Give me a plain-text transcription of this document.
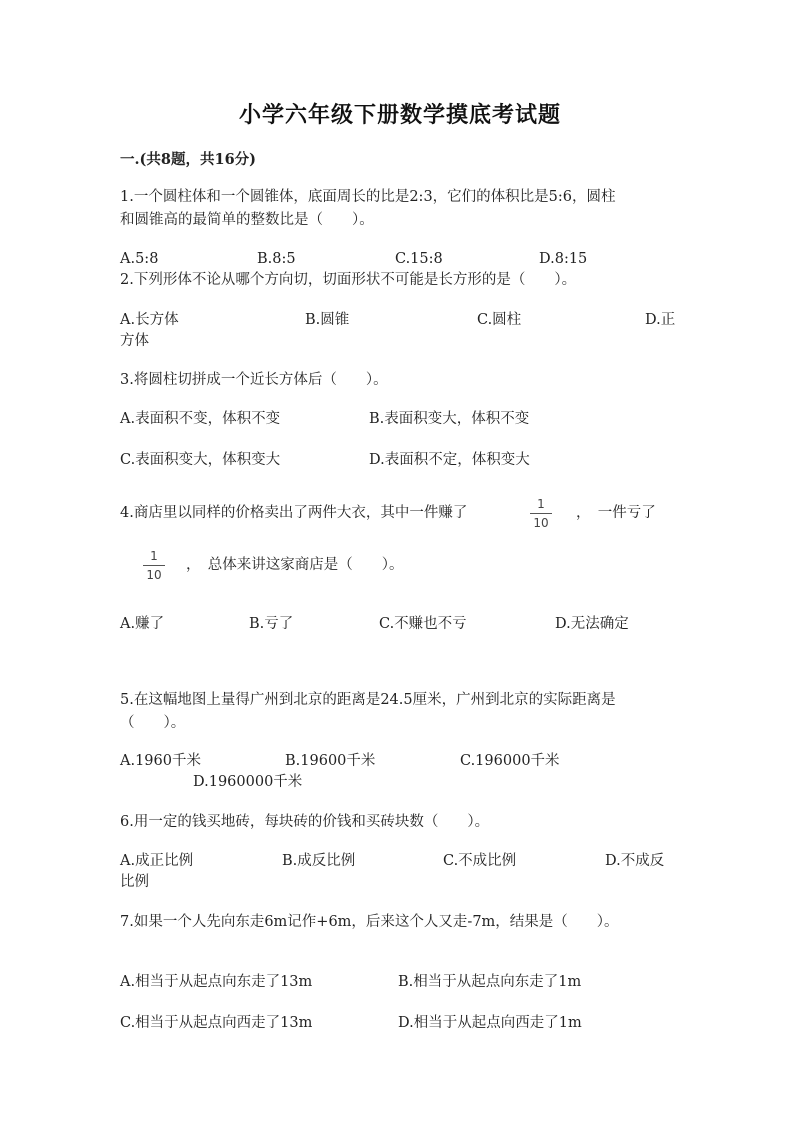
小学六年级下册数学摸底考试题
一.(共8题，共16分)
1.一个圆柱体和一个圆锥体，底面周长的比是2:3，它们的体积比是5:6，圆柱
和圆锥高的最简单的整数比是（　　）。
A.5:8	B.8:5	C.15:8	D.8:15
2.下列形体不论从哪个方向切，切面形状不可能是长方形的是（　　）。
A.长方体	B.圆锥	C.圆柱	D.正
方体
3.将圆柱切拼成一个近长方体后（　　）。
A.表面积不变，体积不变	B.表面积变大，体积不变
C.表面积变大，体积变大	D.表面积不定，体积变大
4.商店里以同样的价格卖出了两件大衣，其中一件赚了
1
10
，　一件亏了
1
10
，　总体来讲这家商店是（　　）。
A.赚了	B.亏了	C.不赚也不亏	D.无法确定
5.在这幅地图上量得广州到北京的距离是24.5厘米，广州到北京的实际距离是
（　　）。
A.1960千米	B.19600千米	C.196000千米
D.1960000千米
6.用一定的钱买地砖，每块砖的价钱和买砖块数（　　）。
A.成正比例	B.成反比例	C.不成比例	D.不成反
比例
7.如果一个人先向东走6m记作+6m，后来这个人又走-7m，结果是（　　）。
A.相当于从起点向东走了13m	B.相当于从起点向东走了1m
C.相当于从起点向西走了13m	D.相当于从起点向西走了1m
